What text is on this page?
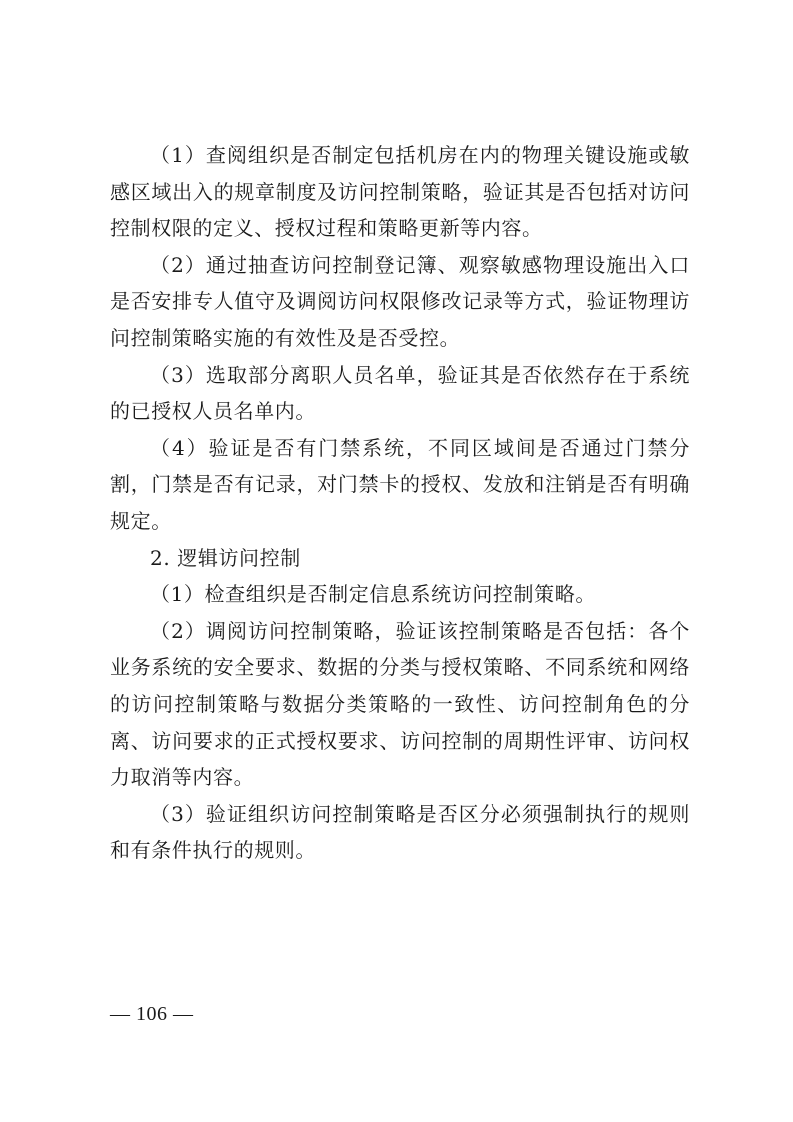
（1）查阅组织是否制定包括机房在内的物理关键设施或敏感区域出入的规章制度及访问控制策略，验证其是否包括对访问控制权限的定义、授权过程和策略更新等内容。

（2）通过抽查访问控制登记簿、观察敏感物理设施出入口是否安排专人值守及调阅访问权限修改记录等方式，验证物理访问控制策略实施的有效性及是否受控。

（3）选取部分离职人员名单，验证其是否依然存在于系统的已授权人员名单内。

（4）验证是否有门禁系统，不同区域间是否通过门禁分割，门禁是否有记录，对门禁卡的授权、发放和注销是否有明确规定。

2. 逻辑访问控制

（1）检查组织是否制定信息系统访问控制策略。

（2）调阅访问控制策略，验证该控制策略是否包括：各个业务系统的安全要求、数据的分类与授权策略、不同系统和网络的访问控制策略与数据分类策略的一致性、访问控制角色的分离、访问要求的正式授权要求、访问控制的周期性评审、访问权力取消等内容。

（3）验证组织访问控制策略是否区分必须强制执行的规则和有条件执行的规则。

— 106 —
